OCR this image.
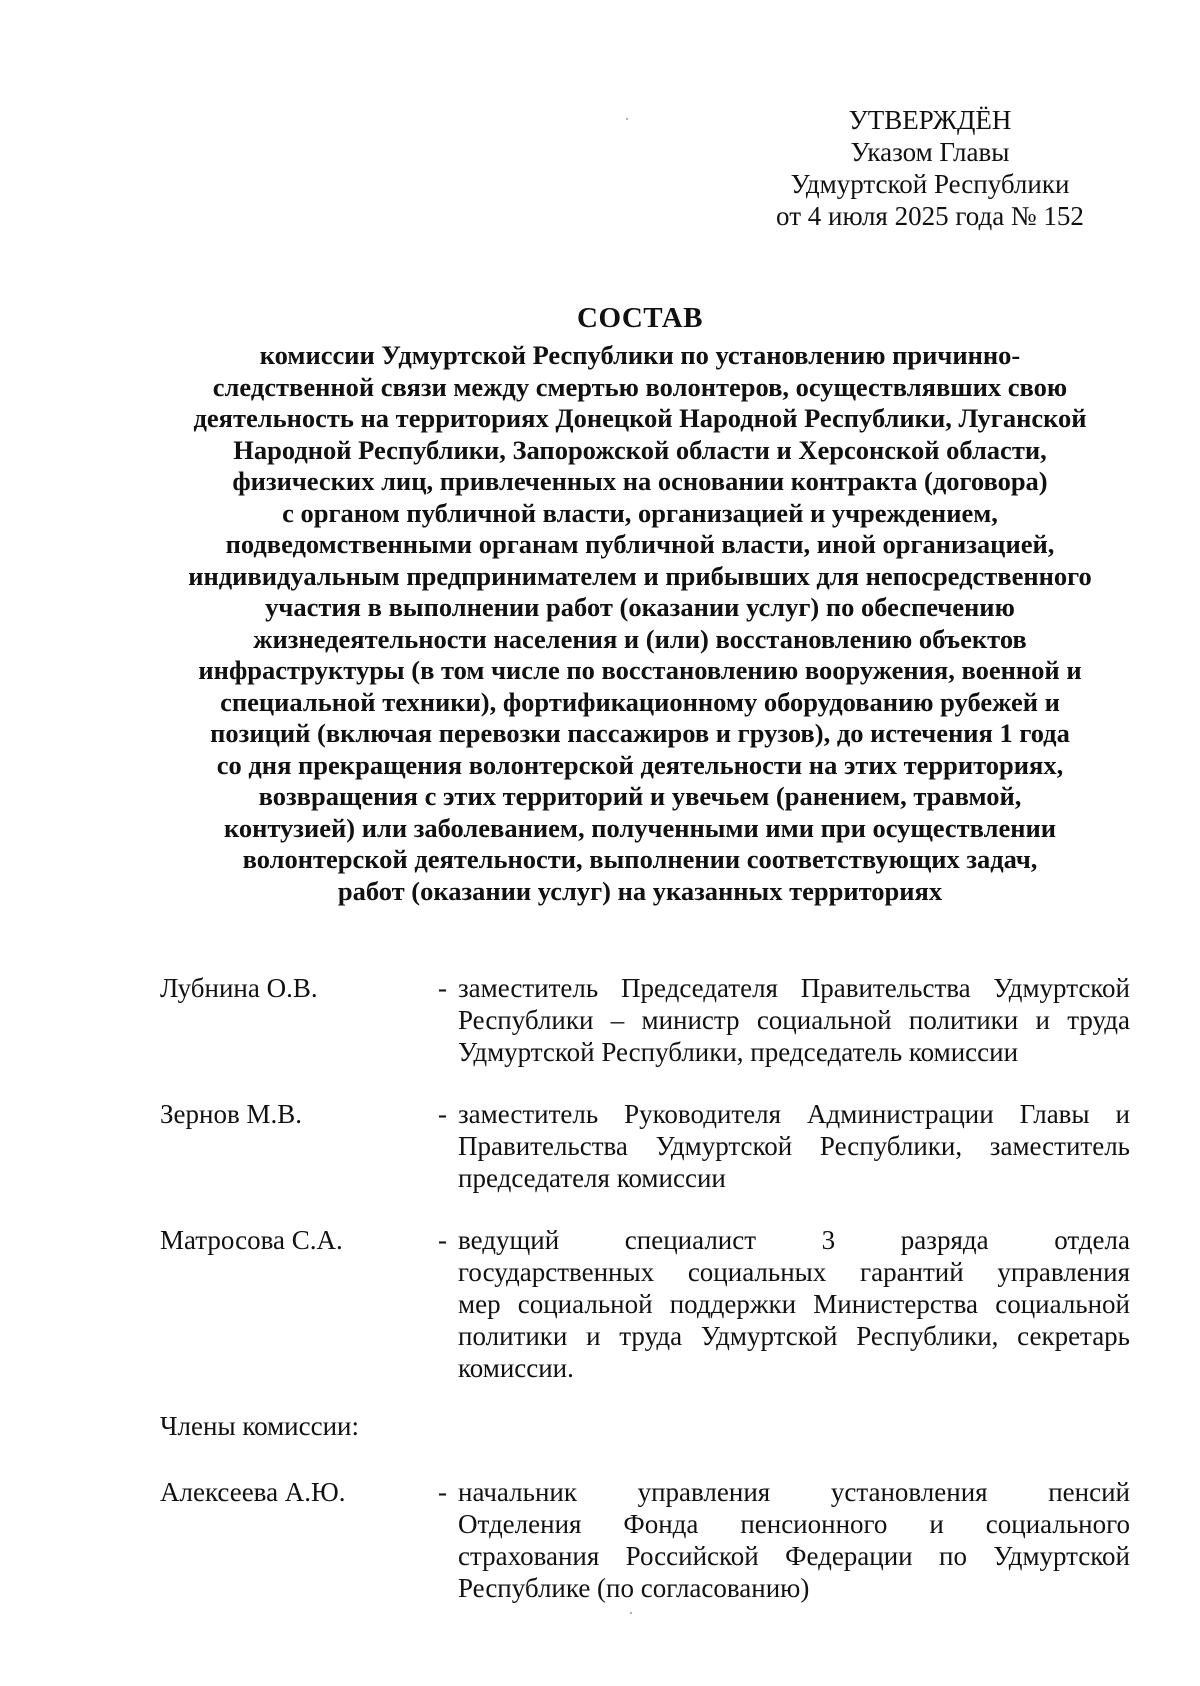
УТВЕРЖДЁН
Указом Главы
Удмуртской Республики
от 4 июля 2025 года № 152
СОСТАВ
комиссии Удмуртской Республики по установлению причинно-
следственной связи между смертью волонтеров, осуществлявших свою
деятельность на территориях Донецкой Народной Республики, Луганской
Народной Республики, Запорожской области и Херсонской области,
физических лиц, привлеченных на основании контракта (договора)
с органом публичной власти, организацией и учреждением,
подведомственными органам публичной власти, иной организацией,
индивидуальным предпринимателем и прибывших для непосредственного
участия в выполнении работ (оказании услуг) по обеспечению
жизнедеятельности населения и (или) восстановлению объектов
инфраструктуры (в том числе по восстановлению вооружения, военной и
специальной техники), фортификационному оборудованию рубежей и
позиций (включая перевозки пассажиров и грузов), до истечения 1 года
со дня прекращения волонтерской деятельности на этих территориях,
возвращения с этих территорий и увечьем (ранением, травмой,
контузией) или заболеванием, полученными ими при осуществлении
волонтерской деятельности, выполнении соответствующих задач,
работ (оказании услуг) на указанных территориях
Лубнина О.В.	- заместитель Председателя Правительства Удмуртской
Республики – министр социальной политики и труда
Удмуртской Республики, председатель комиссии
Зернов М.В.	- заместитель Руководителя Администрации Главы и
Правительства Удмуртской Республики, заместитель
председателя комиссии
Матросова С.А.	- ведущий специалист 3 разряда отдела
государственных социальных гарантий управления
мер социальной поддержки Министерства социальной
политики и труда Удмуртской Республики, секретарь
комиссии.
Члены комиссии:
Алексеева А.Ю.	- начальник управления установления пенсий
Отделения Фонда пенсионного и социального
страхования Российской Федерации по Удмуртской
Республике (по согласованию)
